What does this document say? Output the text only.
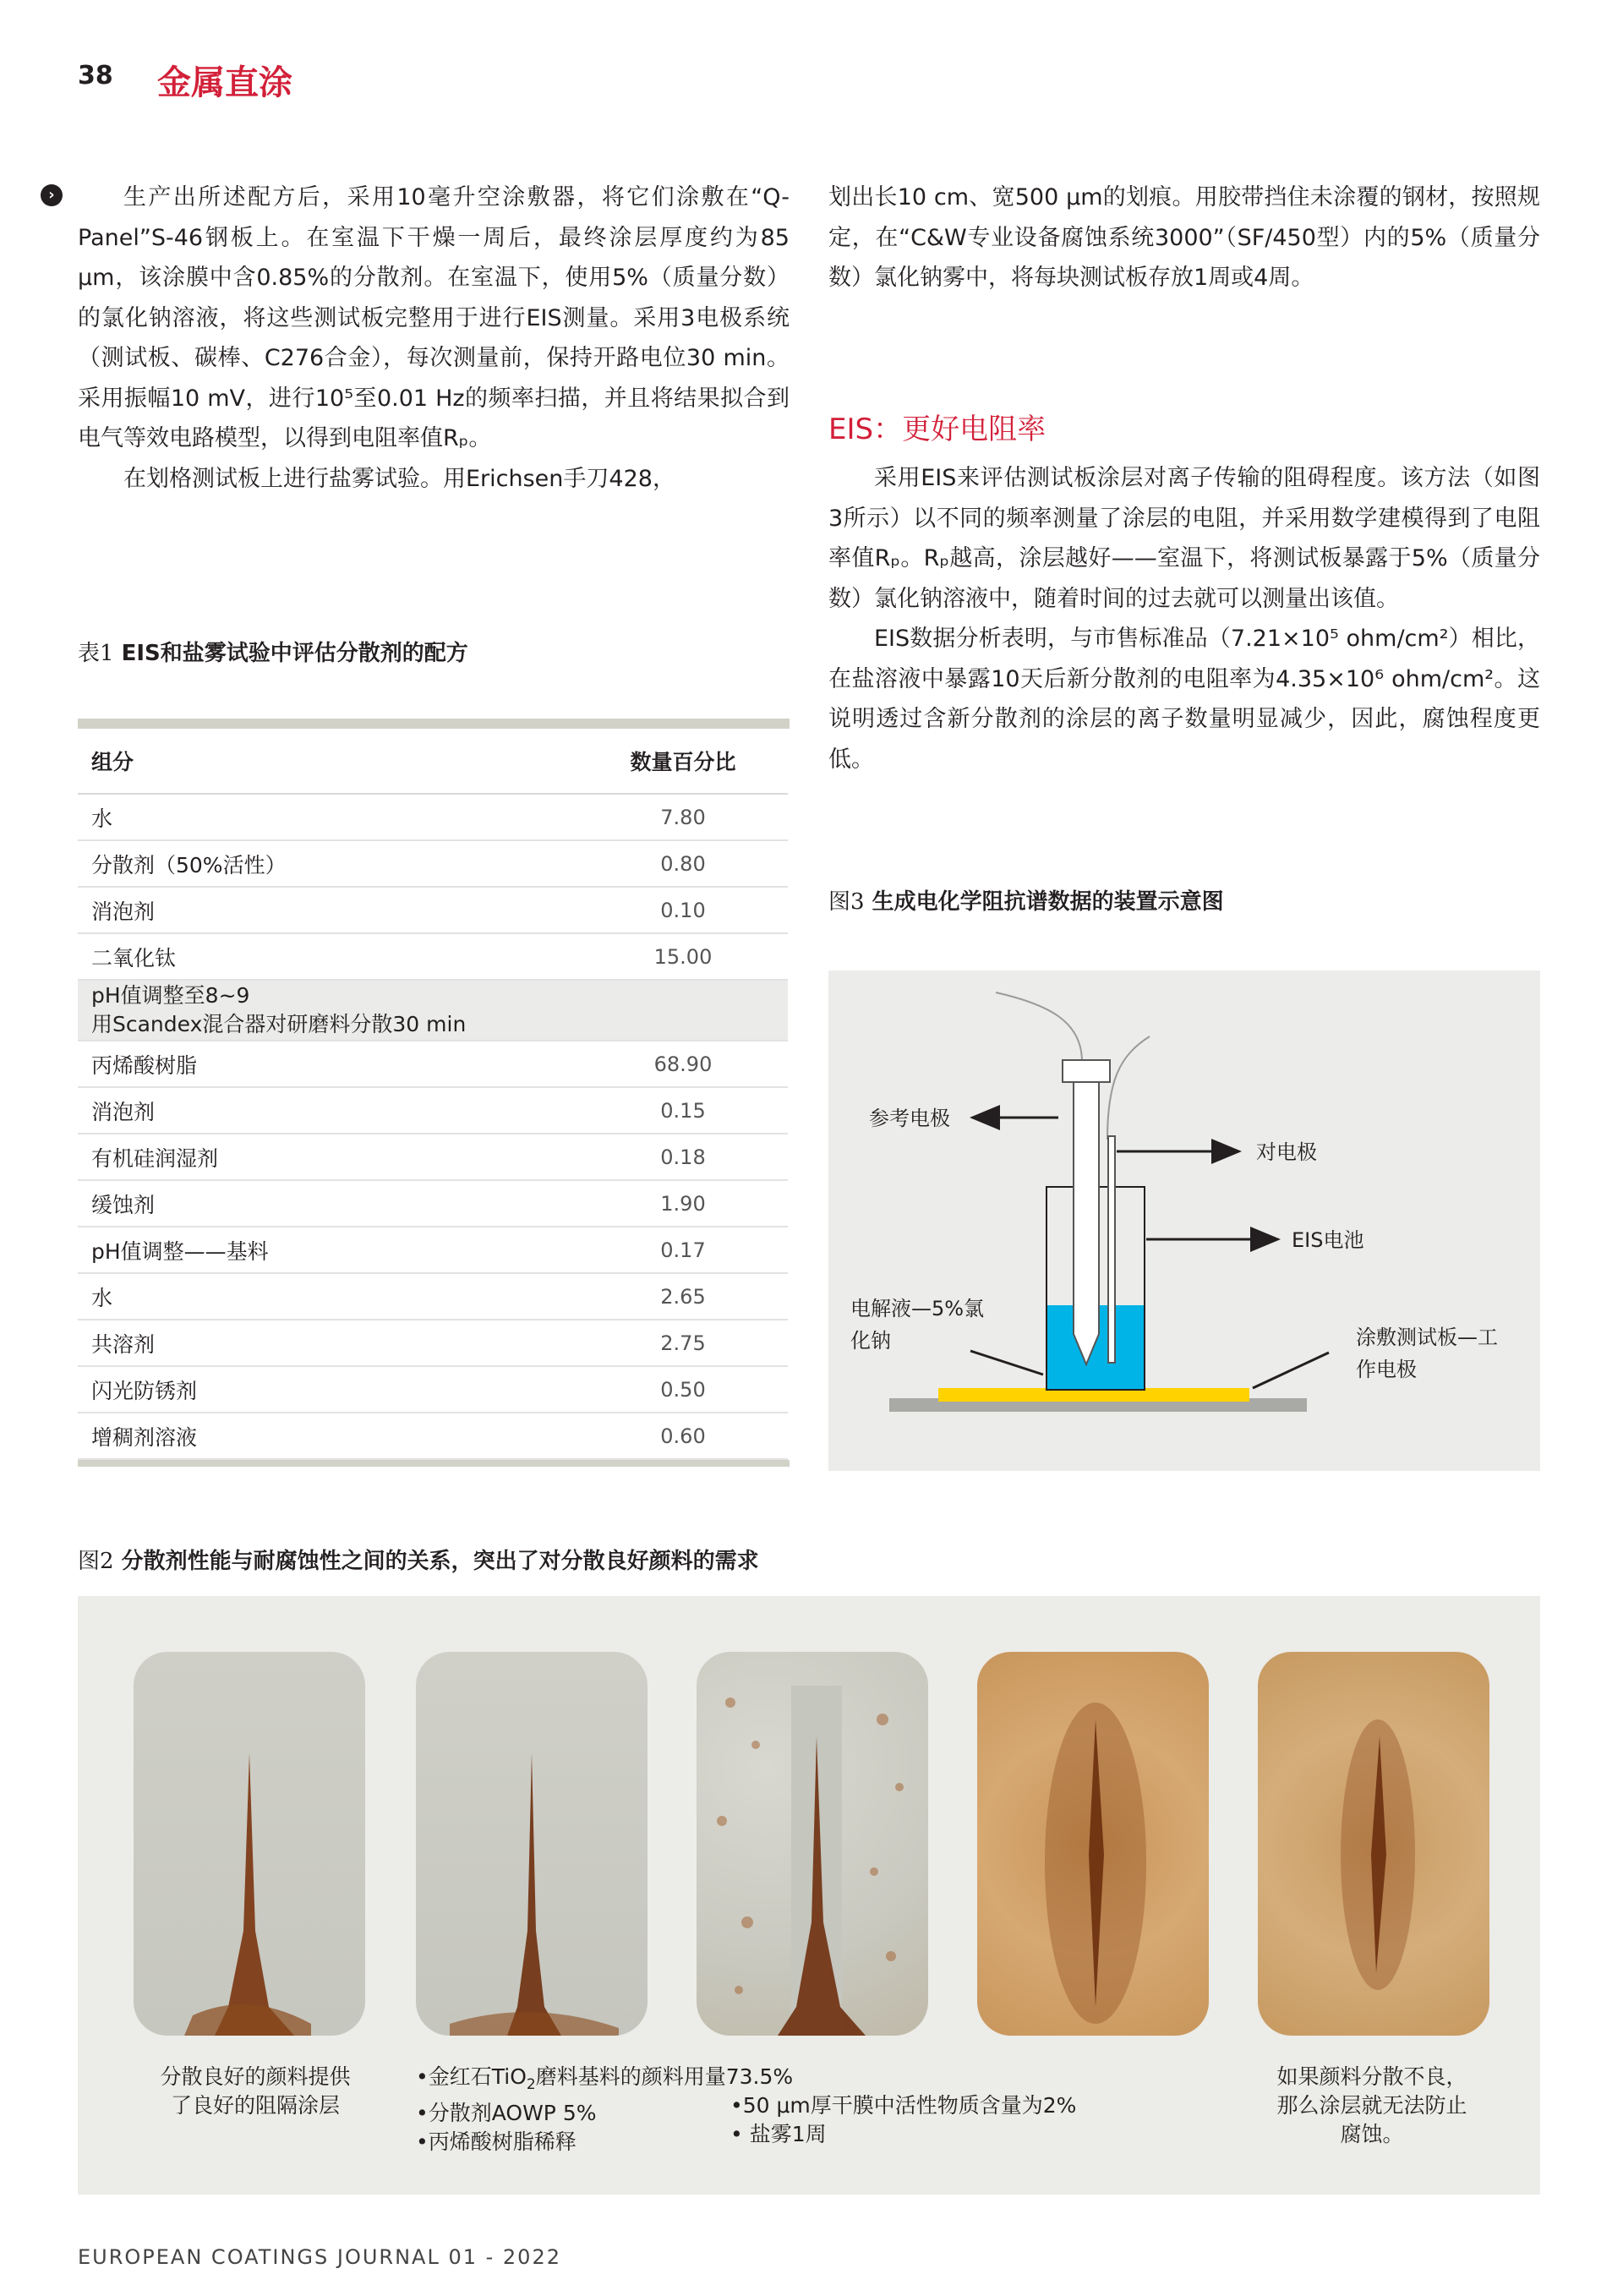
38 金属直涂
›	生产出所述配方后，采用10毫升空涂敷器，将它们涂敷在“Q-Panel”S-46钢板上。在室温下干燥一周后，最终涂层厚度约为85 μm，该涂膜中含0.85%的分散剂。在室温下，使用5%（质量分数）的氯化钠溶液，将这些测试板完整用于进行EIS测量。采用3电极系统（测试板、碳棒、C276合金），每次测量前，保持开路电位30 min。采用振幅10 mV，进行10⁵至0.01 Hz的频率扫描，并且将结果拟合到电气等效电路模型，以得到电阻率值Rₚ。

在划格测试板上进行盐雾试验。用Erichsen手刀428，

表1 EIS和盐雾试验中评估分散剂的配方
组分	数量百分比
水	7.80
分散剂（50%活性）	0.80
消泡剂	0.10
二氧化钛	15.00

pH值调整至8~9
用Scandex混合器对研磨料分散30 min	

丙烯酸树脂	68.90
消泡剂	0.15
有机硅润湿剂	0.18
缓蚀剂	1.90
pH值调整——基料	0.17
水	2.65
共溶剂	2.75
闪光防锈剂	0.50
增稠剂溶液	0.60

划出长10 cm、宽500 μm的划痕。用胶带挡住未涂覆的钢材，按照规定，在“C&W专业设备腐蚀系统3000”（SF/450型）内的5%（质量分数）氯化钠雾中，将每块测试板存放1周或4周。

EIS：更好电阻率

采用EIS来评估测试板涂层对离子传输的阻碍程度。该方法（如图3所示）以不同的频率测量了涂层的电阻，并采用数学建模得到了电阻率值Rₚ。Rₚ越高，涂层越好——室温下，将测试板暴露于5%（质量分数）氯化钠溶液中，随着时间的过去就可以测量出该值。

EIS数据分析表明，与市售标准品（7.21×10⁵ ohm/cm²）相比，在盐溶液中暴露10天后新分散剂的电阻率为4.35×10⁶ ohm/cm²。这说明透过含新分散剂的涂层的离子数量明显减少，因此，腐蚀程度更低。

图3 生成电化学阻抗谱数据的装置示意图
参考电极
对电极
EIS电池
电解液—5%氯
化钠	涂敷测试板—工
作电极
图2 分散剂性能与耐腐蚀性之间的关系，突出了对分散良好颜料的需求
分散良好的颜料提供
了良好的阻隔涂层
•金红石TiO$_2$磨料基料的颜料用量73.5%
•分散剂AOWP 5%
•丙烯酸树脂稀释
•50 μm厚干膜中活性物质含量为2%
• 盐雾1周
如果颜料分散不良，
那么涂层就无法防止
腐蚀。
EUROPEAN COATINGS JOURNAL 01 - 2022
